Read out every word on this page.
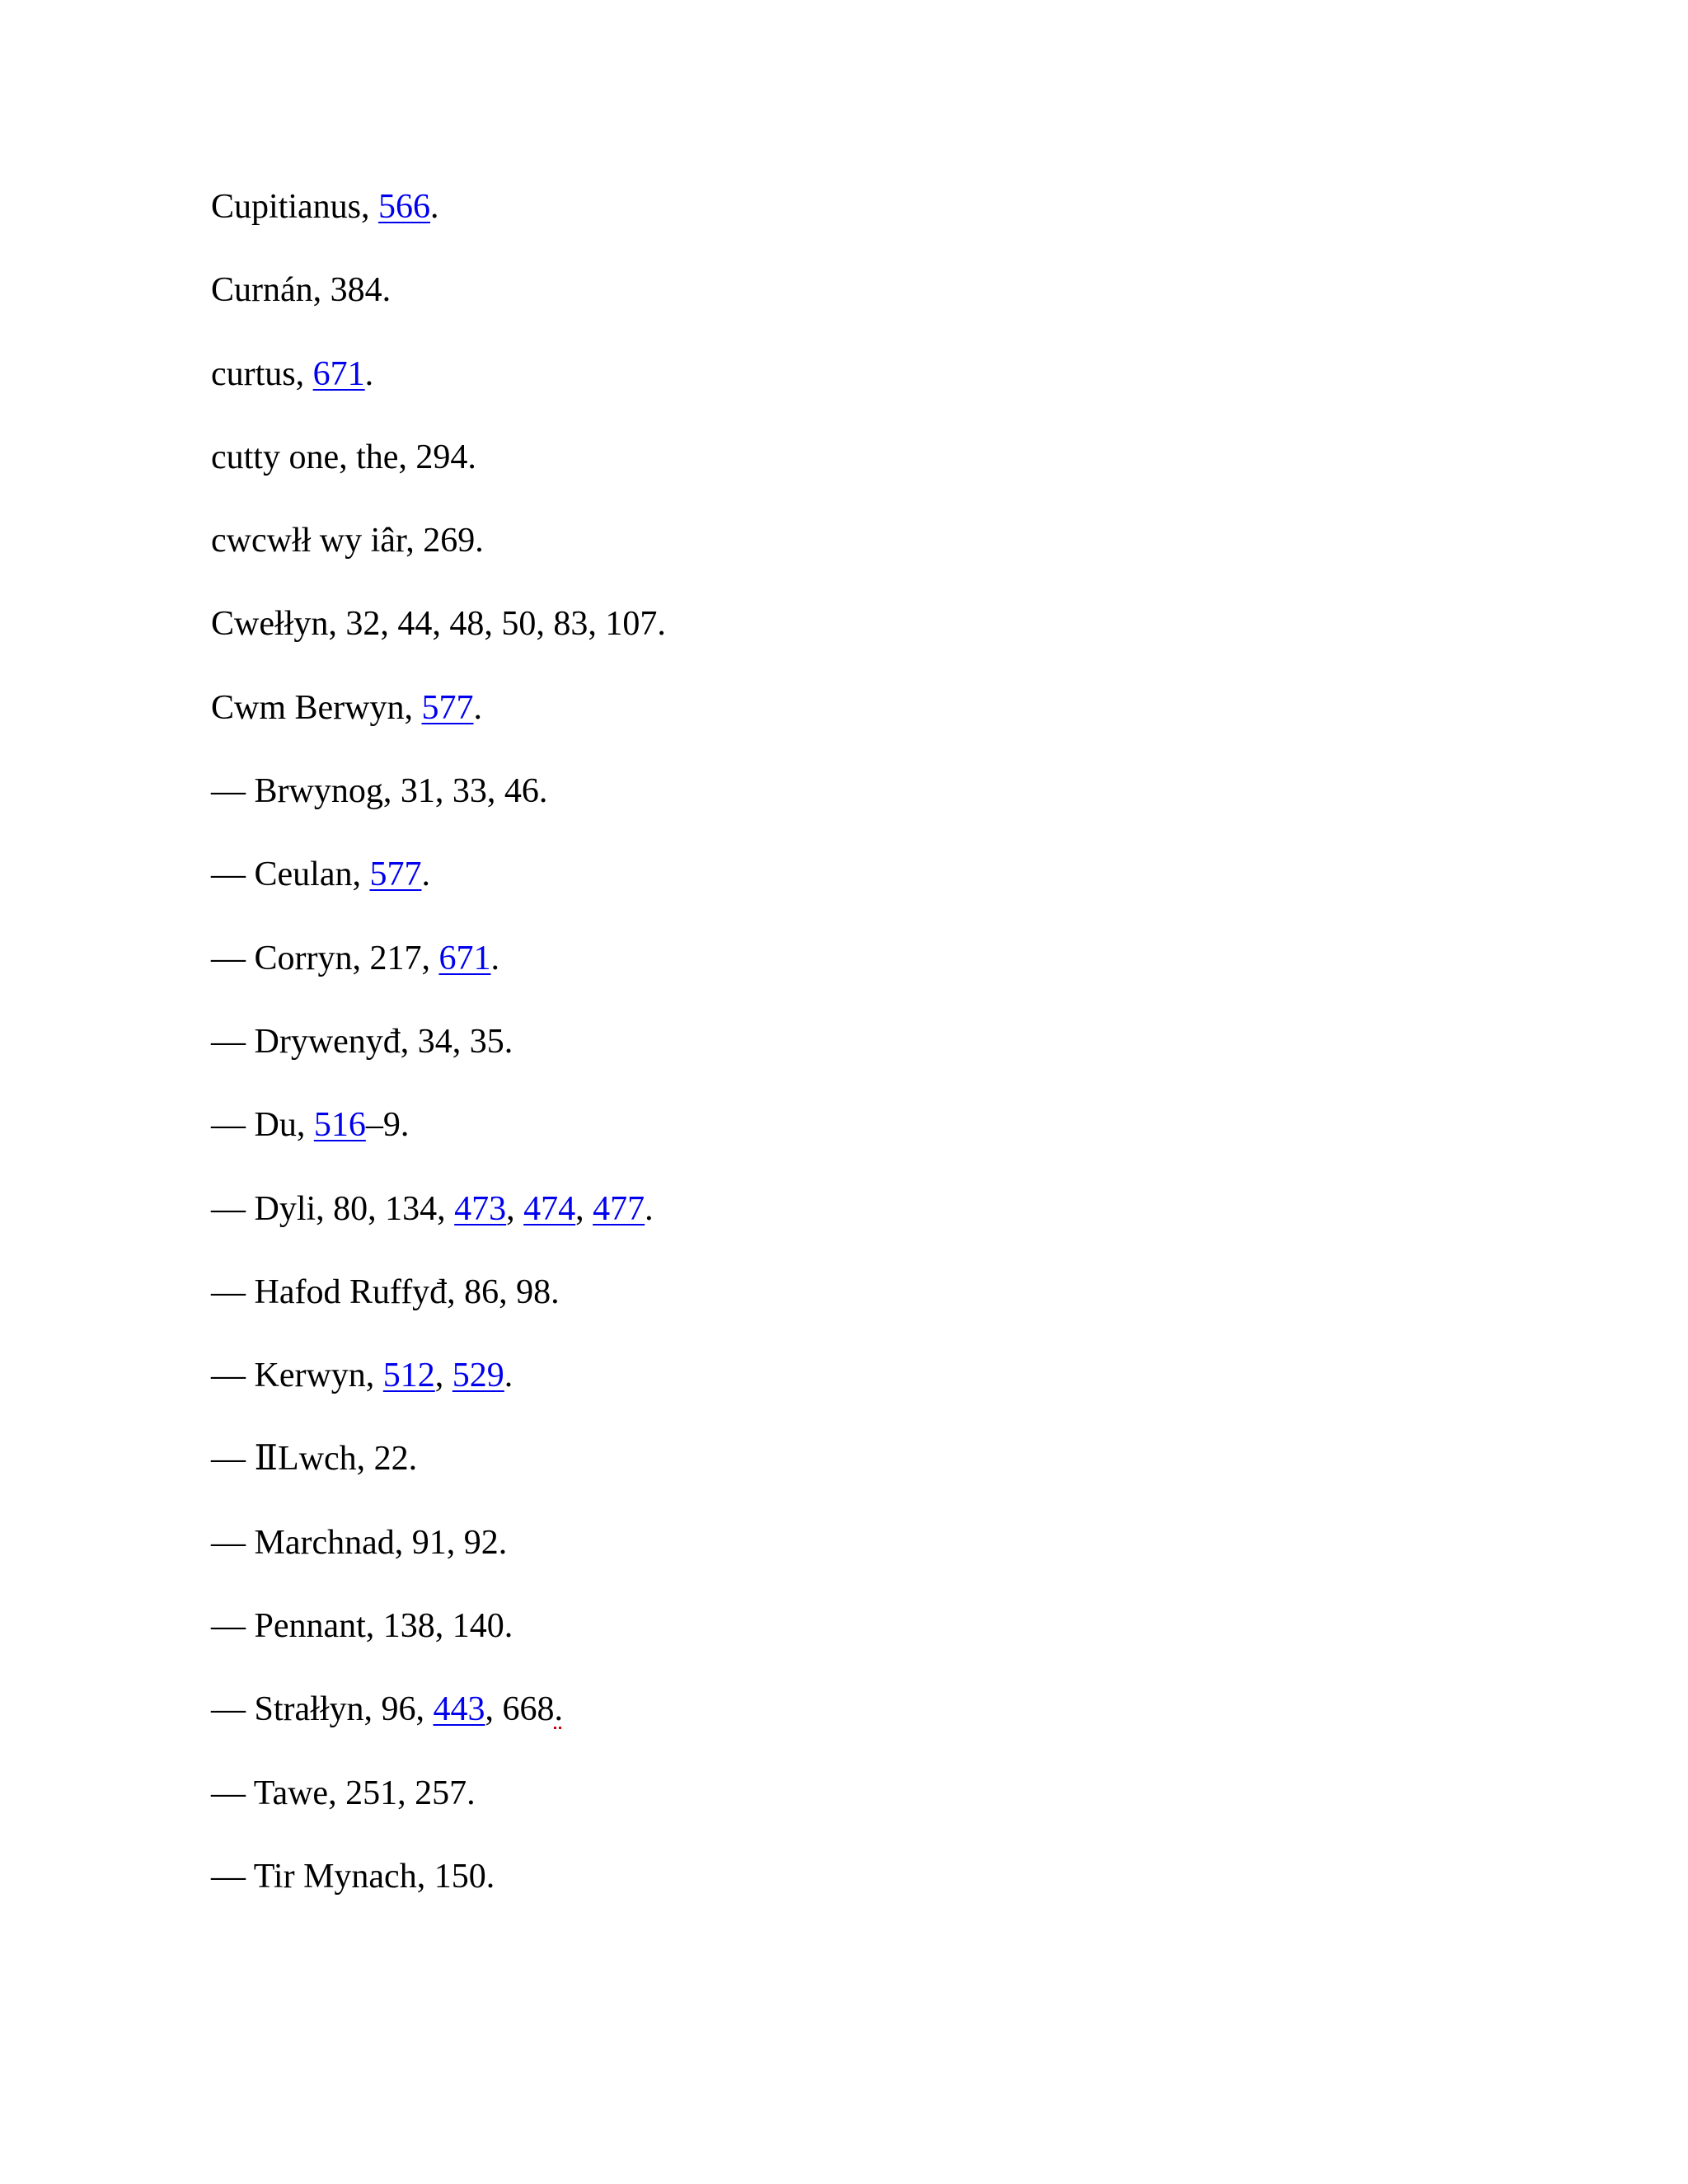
Cupitianus, 566.
Curnán, 384.
curtus, 671.
cutty one, the, 294.
cwcwłł wy iâr, 269.
Cwełłyn, 32, 44, 48, 50, 83, 107.
Cwm Berwyn, 577.
— Brwynog, 31, 33, 46.
— Ceulan, 577.
— Corryn, 217, 671.
— Drywenyđ, 34, 35.
— Du, 516–9.
— Dyli, 80, 134, 473, 474, 477.
— Hafod Ruffyđ, 86, 98.
— Kerwyn, 512, 529.
— ⅡLwch, 22.
— Marchnad, 91, 92.
— Pennant, 138, 140.
— Strałłyn, 96, 443, 668.
— Tawe, 251, 257.
— Tir Mynach, 150.
